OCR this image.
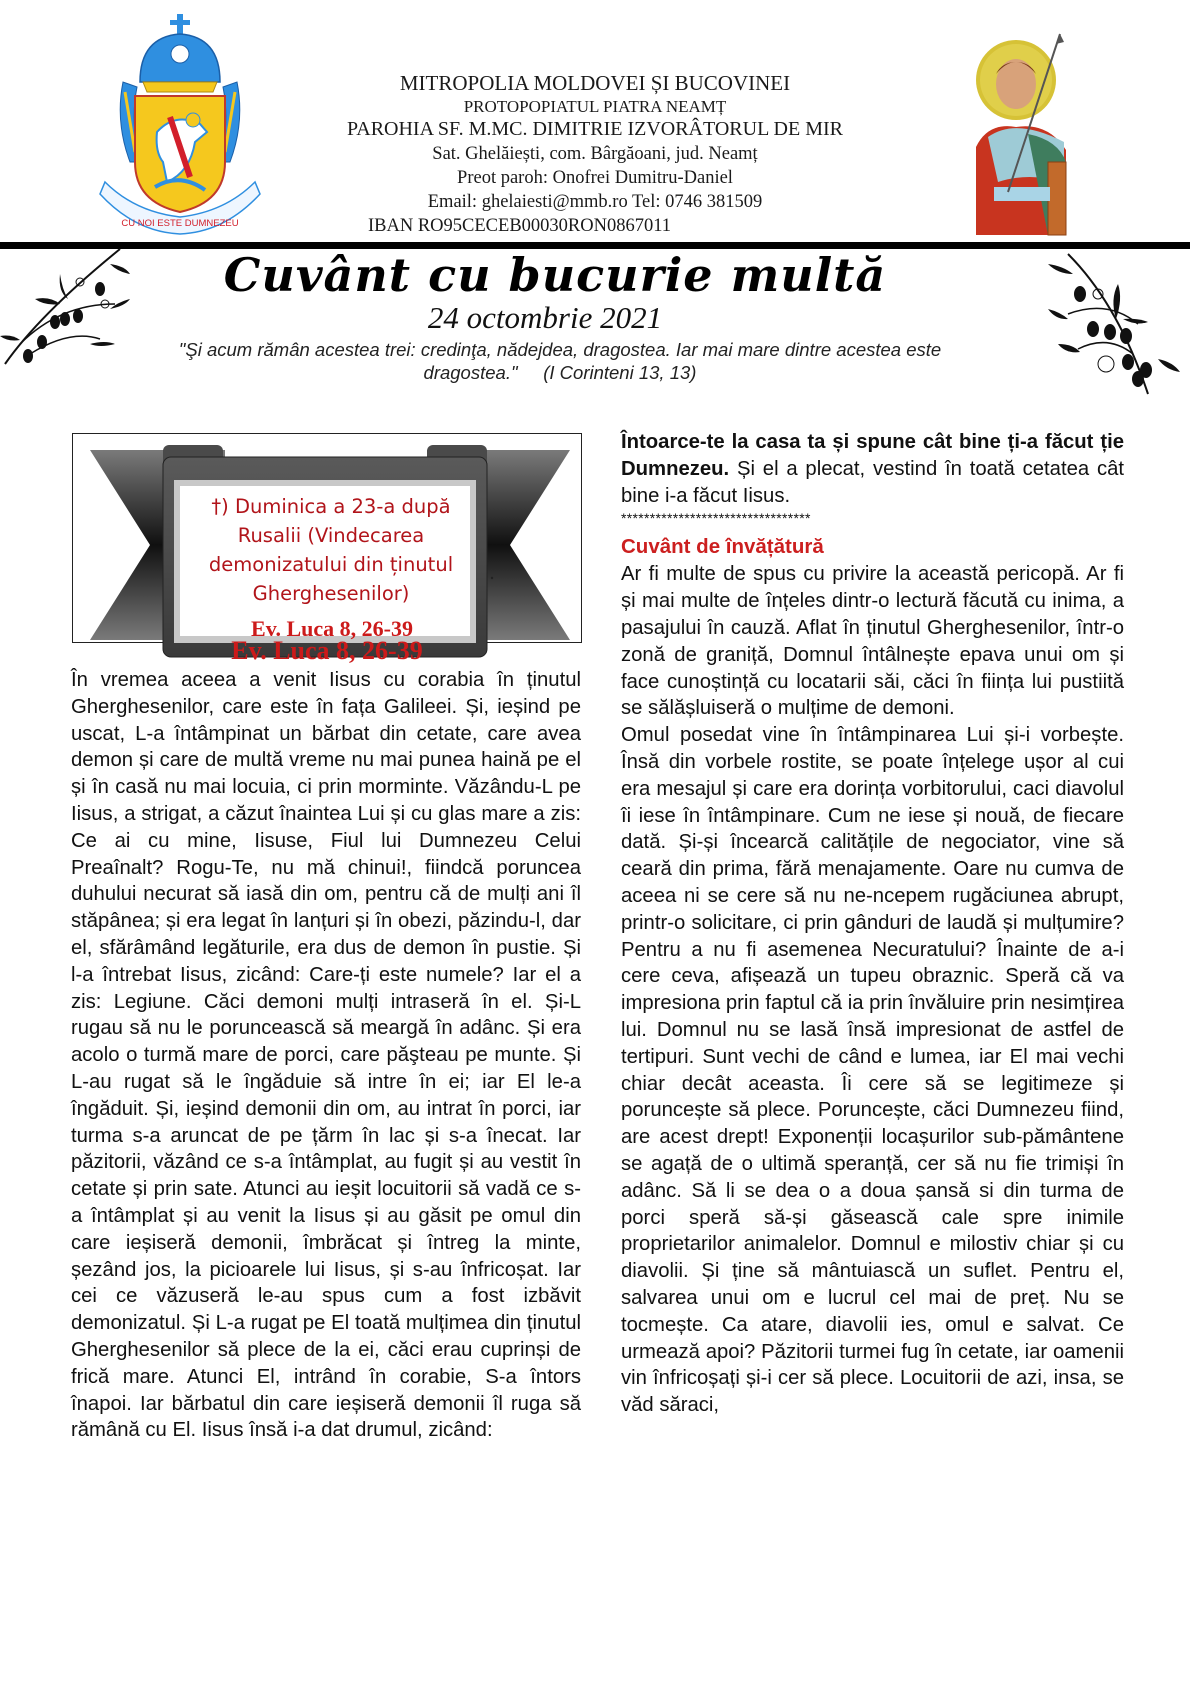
CU NOI ESTE DUMNEZEU
MITROPOLIA MOLDOVEI ȘI BUCOVINEI
PROTOPOPIATUL PIATRA NEAMȚ
PAROHIA SF. M.MC. DIMITRIE IZVORÂTORUL DE MIR
Sat. Ghelăiești, com. Bârgăoani, jud. Neamț
Preot paroh: Onofrei Dumitru-Daniel
Email: ghelaiesti@mmb.ro Tel: 0746 381509
IBAN RO95CECEB00030RON0867011
Cuvânt cu bucurie multă
24 octombrie 2021
"Şi acum rămân acestea trei: credinţa, nădejdea, dragostea. Iar mai mare dintre acestea este dragostea." (I Corinteni 13, 13)
†) Duminica a 23-a după Rusalii (Vindecarea demonizatului din ținutul Gherghesenilor)
Ev. Luca 8, 26-39
Ev. Luca 8, 26-39

În vremea aceea a venit Iisus cu corabia în ținutul Gherghesenilor, care este în fața Galileei. Și, ieșind pe uscat, L-a întâmpinat un bărbat din cetate, care avea demon și care de multă vreme nu mai punea haină pe el și în casă nu mai locuia, ci prin morminte. Văzându-L pe Iisus, a strigat, a căzut înaintea Lui și cu glas mare a zis: Ce ai cu mine, Iisuse, Fiul lui Dumnezeu Celui Preaînalt? Rogu-Te, nu mă chinui!, fiindcă poruncea duhului necurat să iasă din om, pentru că de mulți ani îl stăpânea; și era legat în lanțuri și în obezi, păzindu-l, dar el, sfărâmând legăturile, era dus de demon în pustie. Și l-a întrebat Iisus, zicând: Care-ți este numele? Iar el a zis: Legiune. Căci demoni mulți intraseră în el. Și-L rugau să nu le poruncească să meargă în adânc. Și era acolo o turmă mare de porci, care păşteau pe munte. Și L-au rugat să le îngăduie să intre în ei; iar El le-a îngăduit. Și, ieșind demonii din om, au intrat în porci, iar turma s-a aruncat de pe țărm în lac și s-a înecat. Iar păzitorii, văzând ce s-a întâmplat, au fugit și au vestit în cetate și prin sate. Atunci au ieșit locuitorii să vadă ce s-a întâmplat și au venit la Iisus și au găsit pe omul din care ieșiseră demonii, îmbrăcat și întreg la minte, șezând jos, la picioarele lui Iisus, și s-au înfricoșat. Iar cei ce văzuseră le-au spus cum a fost izbăvit demonizatul. Și L-a rugat pe El toată mulțimea din ținutul Gherghesenilor să plece de la ei, căci erau cuprinși de frică mare. Atunci El, intrând în corabie, S-a întors înapoi. Iar bărbatul din care ieșiseră demonii îl ruga să rămână cu El. Iisus însă i-a dat drumul, zicând:

Întoarce-te la casa ta și spune cât bine ți-a făcut ție Dumnezeu. Și el a plecat, vestind în toată cetatea cât bine i-a făcut Iisus.

*********************************
Cuvânt de învățătură

Ar fi multe de spus cu privire la această pericopă. Ar fi și mai multe de înțeles dintr-o lectură făcută cu inima, a pasajului în cauză. Aflat în ținutul Gherghesenilor, într-o zonă de graniță, Domnul întâlnește epava unui om și face cunoștință cu locatarii săi, căci în ființa lui pustiită se sălășluiseră o mulțime de demoni.

Omul posedat vine în întâmpinarea Lui și-i vorbește. Însă din vorbele rostite, se poate înțelege ușor al cui era mesajul și care era dorința vorbitorului, caci diavolul îi iese în întâmpinare. Cum ne iese și nouă, de fiecare dată. Și-și încearcă calitățile de negociator, vine să ceară din prima, fără menajamente. Oare nu cumva de aceea ni se cere să nu ne-ncepem rugăciunea abrupt, printr-o solicitare, ci prin gânduri de laudă și mulțumire? Pentru a nu fi asemenea Necuratului? Înainte de a-i cere ceva, afișează un tupeu obraznic. Speră că va impresiona prin faptul că ia prin învăluire prin nesimțirea lui. Domnul nu se lasă însă impresionat de astfel de tertipuri. Sunt vechi de când e lumea, iar El mai vechi chiar decât aceasta. Îi cere să se legitimeze și poruncește să plece. Poruncește, căci Dumnezeu fiind, are acest drept! Exponenții locașurilor sub-pământene se agață de o ultimă speranță, cer să nu fie trimiși în adânc. Să li se dea o a doua șansă si din turma de porci speră să-și găsească cale spre inimile proprietarilor animalelor. Domnul e milostiv chiar și cu diavolii. Și ține să mântuiască un suflet. Pentru el, salvarea unui om e lucrul cel mai de preț. Nu se tocmește. Ca atare, diavolii ies, omul e salvat. Ce urmează apoi? Păzitorii turmei fug în cetate, iar oamenii vin înfricoșați și-i cer să plece. Locuitorii de azi, insa, se văd săraci,
